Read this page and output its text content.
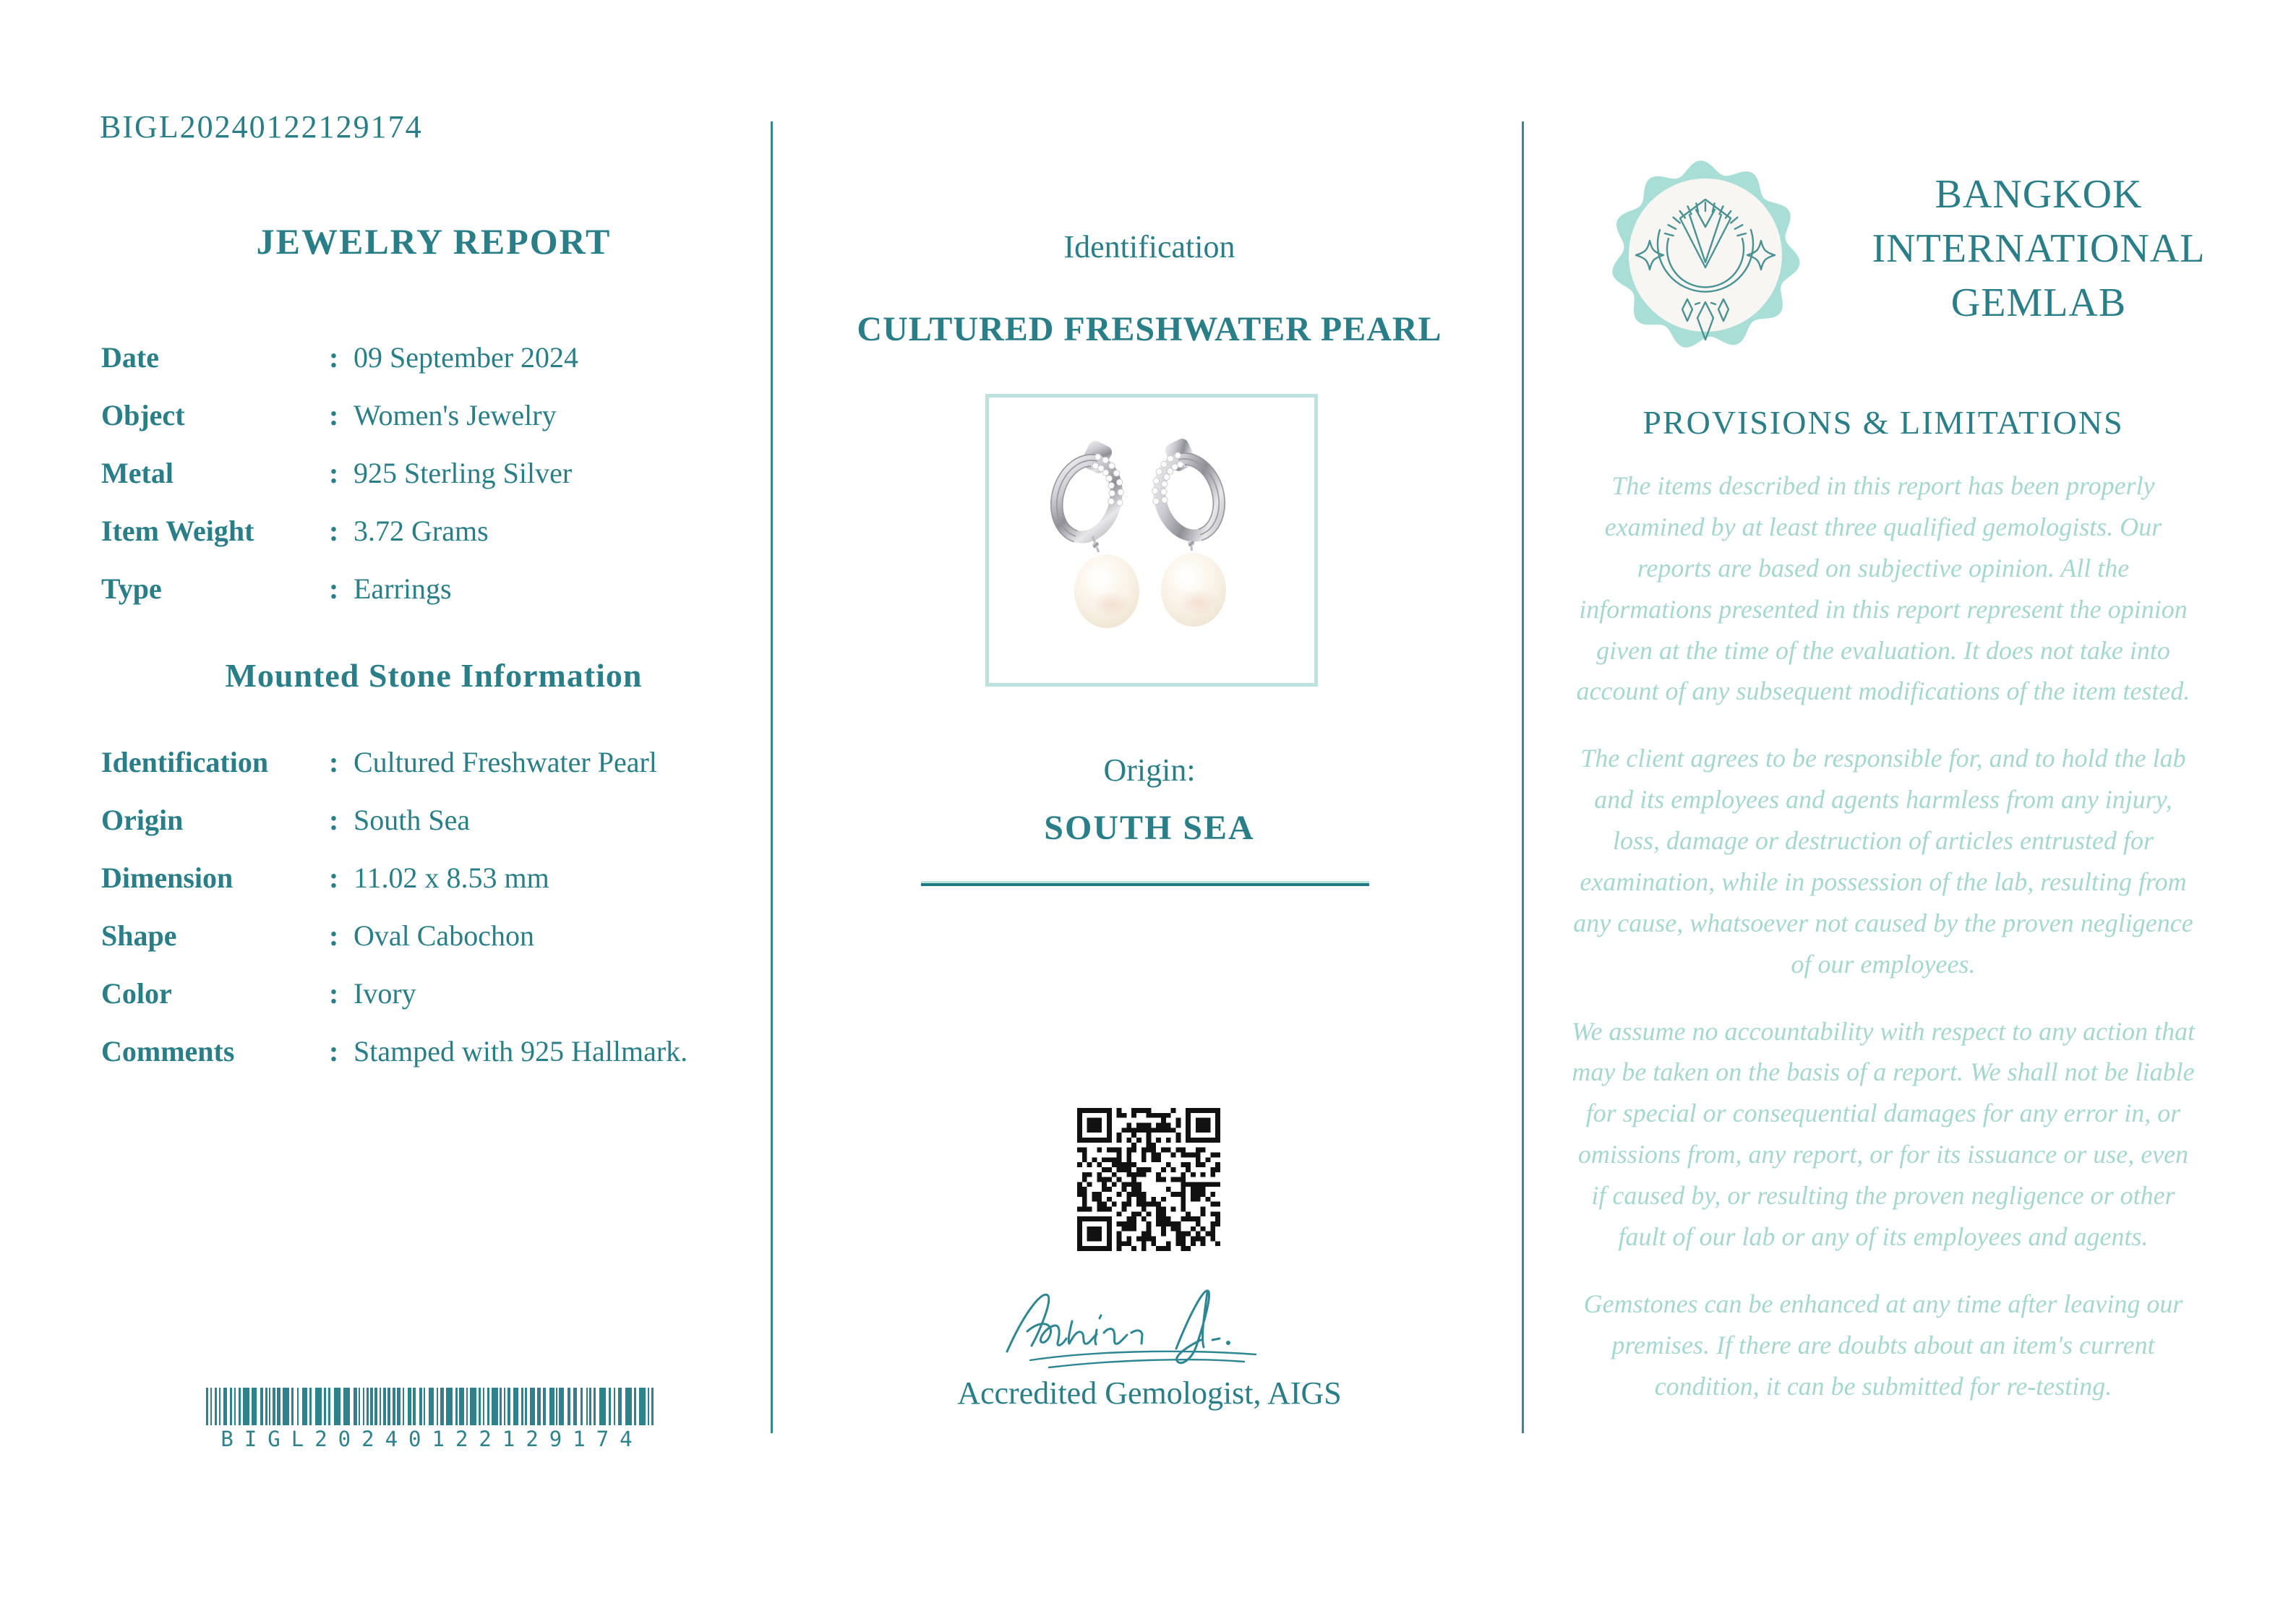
BIGL20240122129174
JEWELRY REPORT
Date	: 09 September 2024
Object	: Women's Jewelry
Metal	: 925 Sterling Silver
Item Weight	: 3.72 Grams
Type	: Earrings
Mounted Stone Information
Identification	: Cultured Freshwater Pearl
Origin	: South Sea
Dimension	: 11.02 x 8.53 mm
Shape	: Oval Cabochon
Color	: Ivory
Comments	: Stamped with 925 Hallmark.
BIGL20240122129174
Identification
CULTURED FRESHWATER PEARL
Origin:
SOUTH SEA
Accredited Gemologist, AIGS
BANGKOK INTERNATIONAL GEMLAB
PROVISIONS & LIMITATIONS

The items described in this report has been properly examined by at least three qualified gemologists. Our reports are based on subjective opinion. All the informations presented in this report represent the opinion given at the time of the evaluation. It does not take into account of any subsequent modifications of the item tested.

The client agrees to be responsible for, and to hold the lab and its employees and agents harmless from any injury, loss, damage or destruction of articles entrusted for examination, while in possession of the lab, resulting from any cause, whatsoever not caused by the proven negligence of our employees.

We assume no accountability with respect to any action that may be taken on the basis of a report. We shall not be liable for special or consequential damages for any error in, or omissions from, any report, or for its issuance or use, even if caused by, or resulting the proven negligence or other fault of our lab or any of its employees and agents.

Gemstones can be enhanced at any time after leaving our premises. If there are doubts about an item's current condition, it can be submitted for re-testing.
